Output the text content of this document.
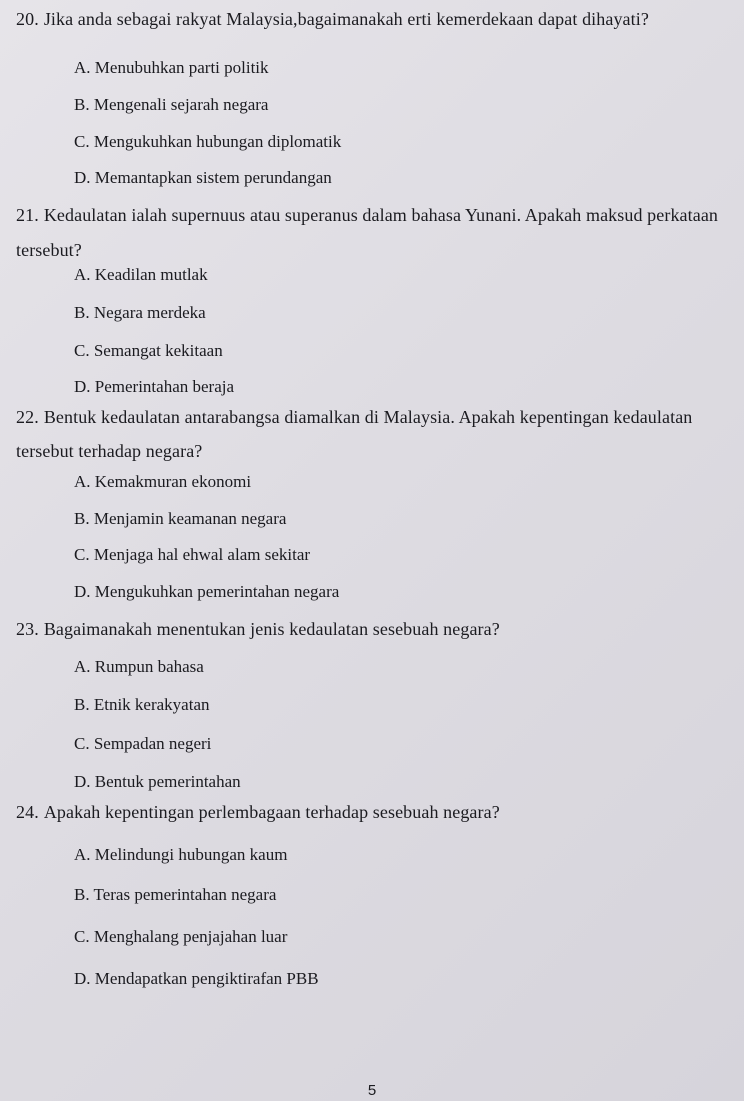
20. Jika anda sebagai rakyat Malaysia,bagaimanakah erti kemerdekaan dapat dihayati?
A. Menubuhkan parti politik
B. Mengenali sejarah negara
C. Mengukuhkan hubungan diplomatik
D. Memantapkan sistem perundangan
21. Kedaulatan ialah supernuus atau superanus dalam bahasa Yunani. Apakah maksud perkataan tersebut?
A. Keadilan mutlak
B. Negara merdeka
C. Semangat kekitaan
D. Pemerintahan beraja
22. Bentuk kedaulatan antarabangsa diamalkan di Malaysia. Apakah kepentingan kedaulatan tersebut terhadap negara?
A. Kemakmuran ekonomi
B. Menjamin keamanan negara
C. Menjaga hal ehwal alam sekitar
D. Mengukuhkan pemerintahan negara
23. Bagaimanakah menentukan jenis kedaulatan sesebuah negara?
A. Rumpun bahasa
B. Etnik kerakyatan
C. Sempadan negeri
D. Bentuk pemerintahan
24. Apakah kepentingan perlembagaan terhadap sesebuah negara?
A. Melindungi hubungan kaum
B. Teras pemerintahan negara
C. Menghalang penjajahan luar
D. Mendapatkan pengiktirafan PBB
5
